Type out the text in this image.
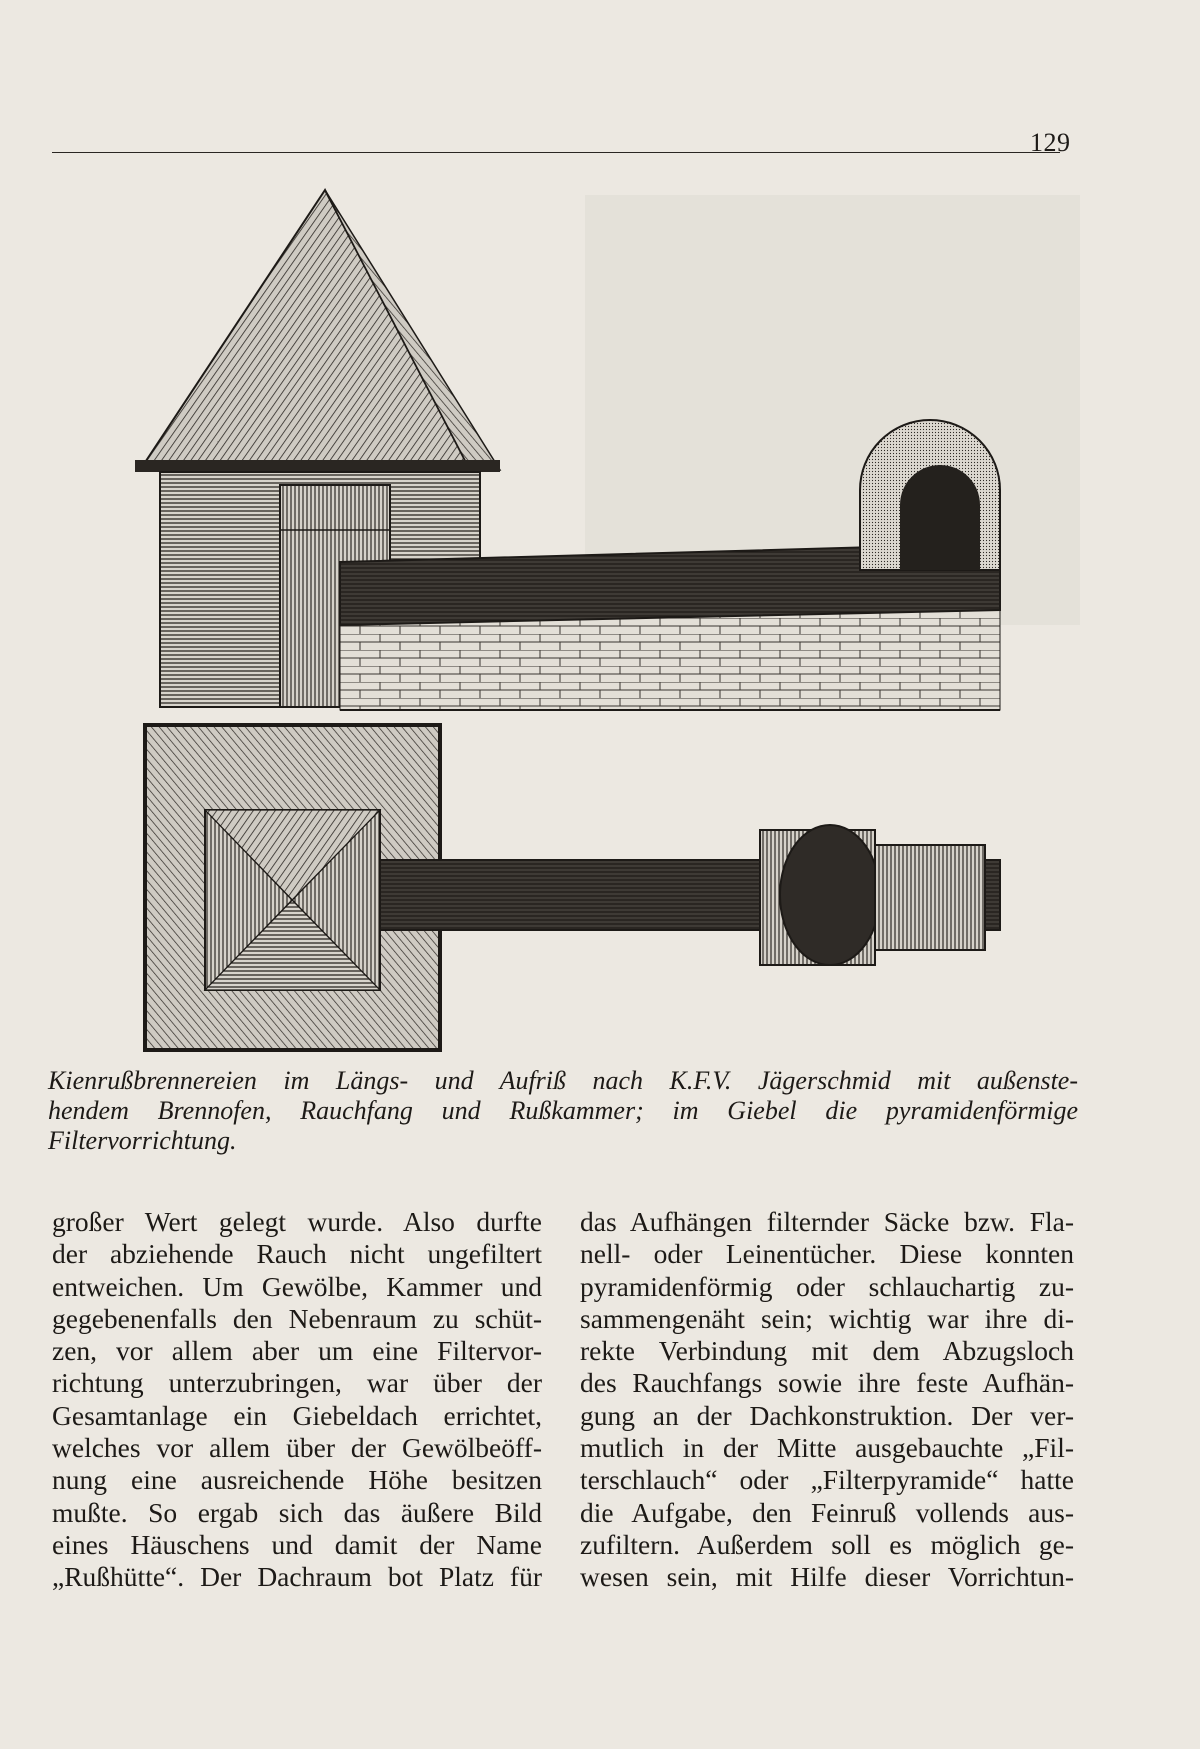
129
Kienrußbrennereien im Längs- und Aufriß nach K.F.V. Jägerschmid mit außenste-
hendem Brennofen, Rauchfang und Rußkammer; im Giebel die pyramidenförmige
Filtervorrichtung.
großer Wert gelegt wurde. Also durfte
der abziehende Rauch nicht ungefiltert
entweichen. Um Gewölbe, Kammer und
gegebenenfalls den Nebenraum zu schüt-
zen, vor allem aber um eine Filtervor-
richtung unterzubringen, war über der
Gesamtanlage ein Giebeldach errichtet,
welches vor allem über der Gewölbeöff-
nung eine ausreichende Höhe besitzen
mußte. So ergab sich das äußere Bild
eines Häuschens und damit der Name
„Rußhütte“. Der Dachraum bot Platz für
das Aufhängen filternder Säcke bzw. Fla-
nell- oder Leinentücher. Diese konnten
pyramidenförmig oder schlauchartig zu-
sammengenäht sein; wichtig war ihre di-
rekte Verbindung mit dem Abzugsloch
des Rauchfangs sowie ihre feste Aufhän-
gung an der Dachkonstruktion. Der ver-
mutlich in der Mitte ausgebauchte „Fil-
terschlauch“ oder „Filterpyramide“ hatte
die Aufgabe, den Feinruß vollends aus-
zufiltern. Außerdem soll es möglich ge-
wesen sein, mit Hilfe dieser Vorrichtun-
